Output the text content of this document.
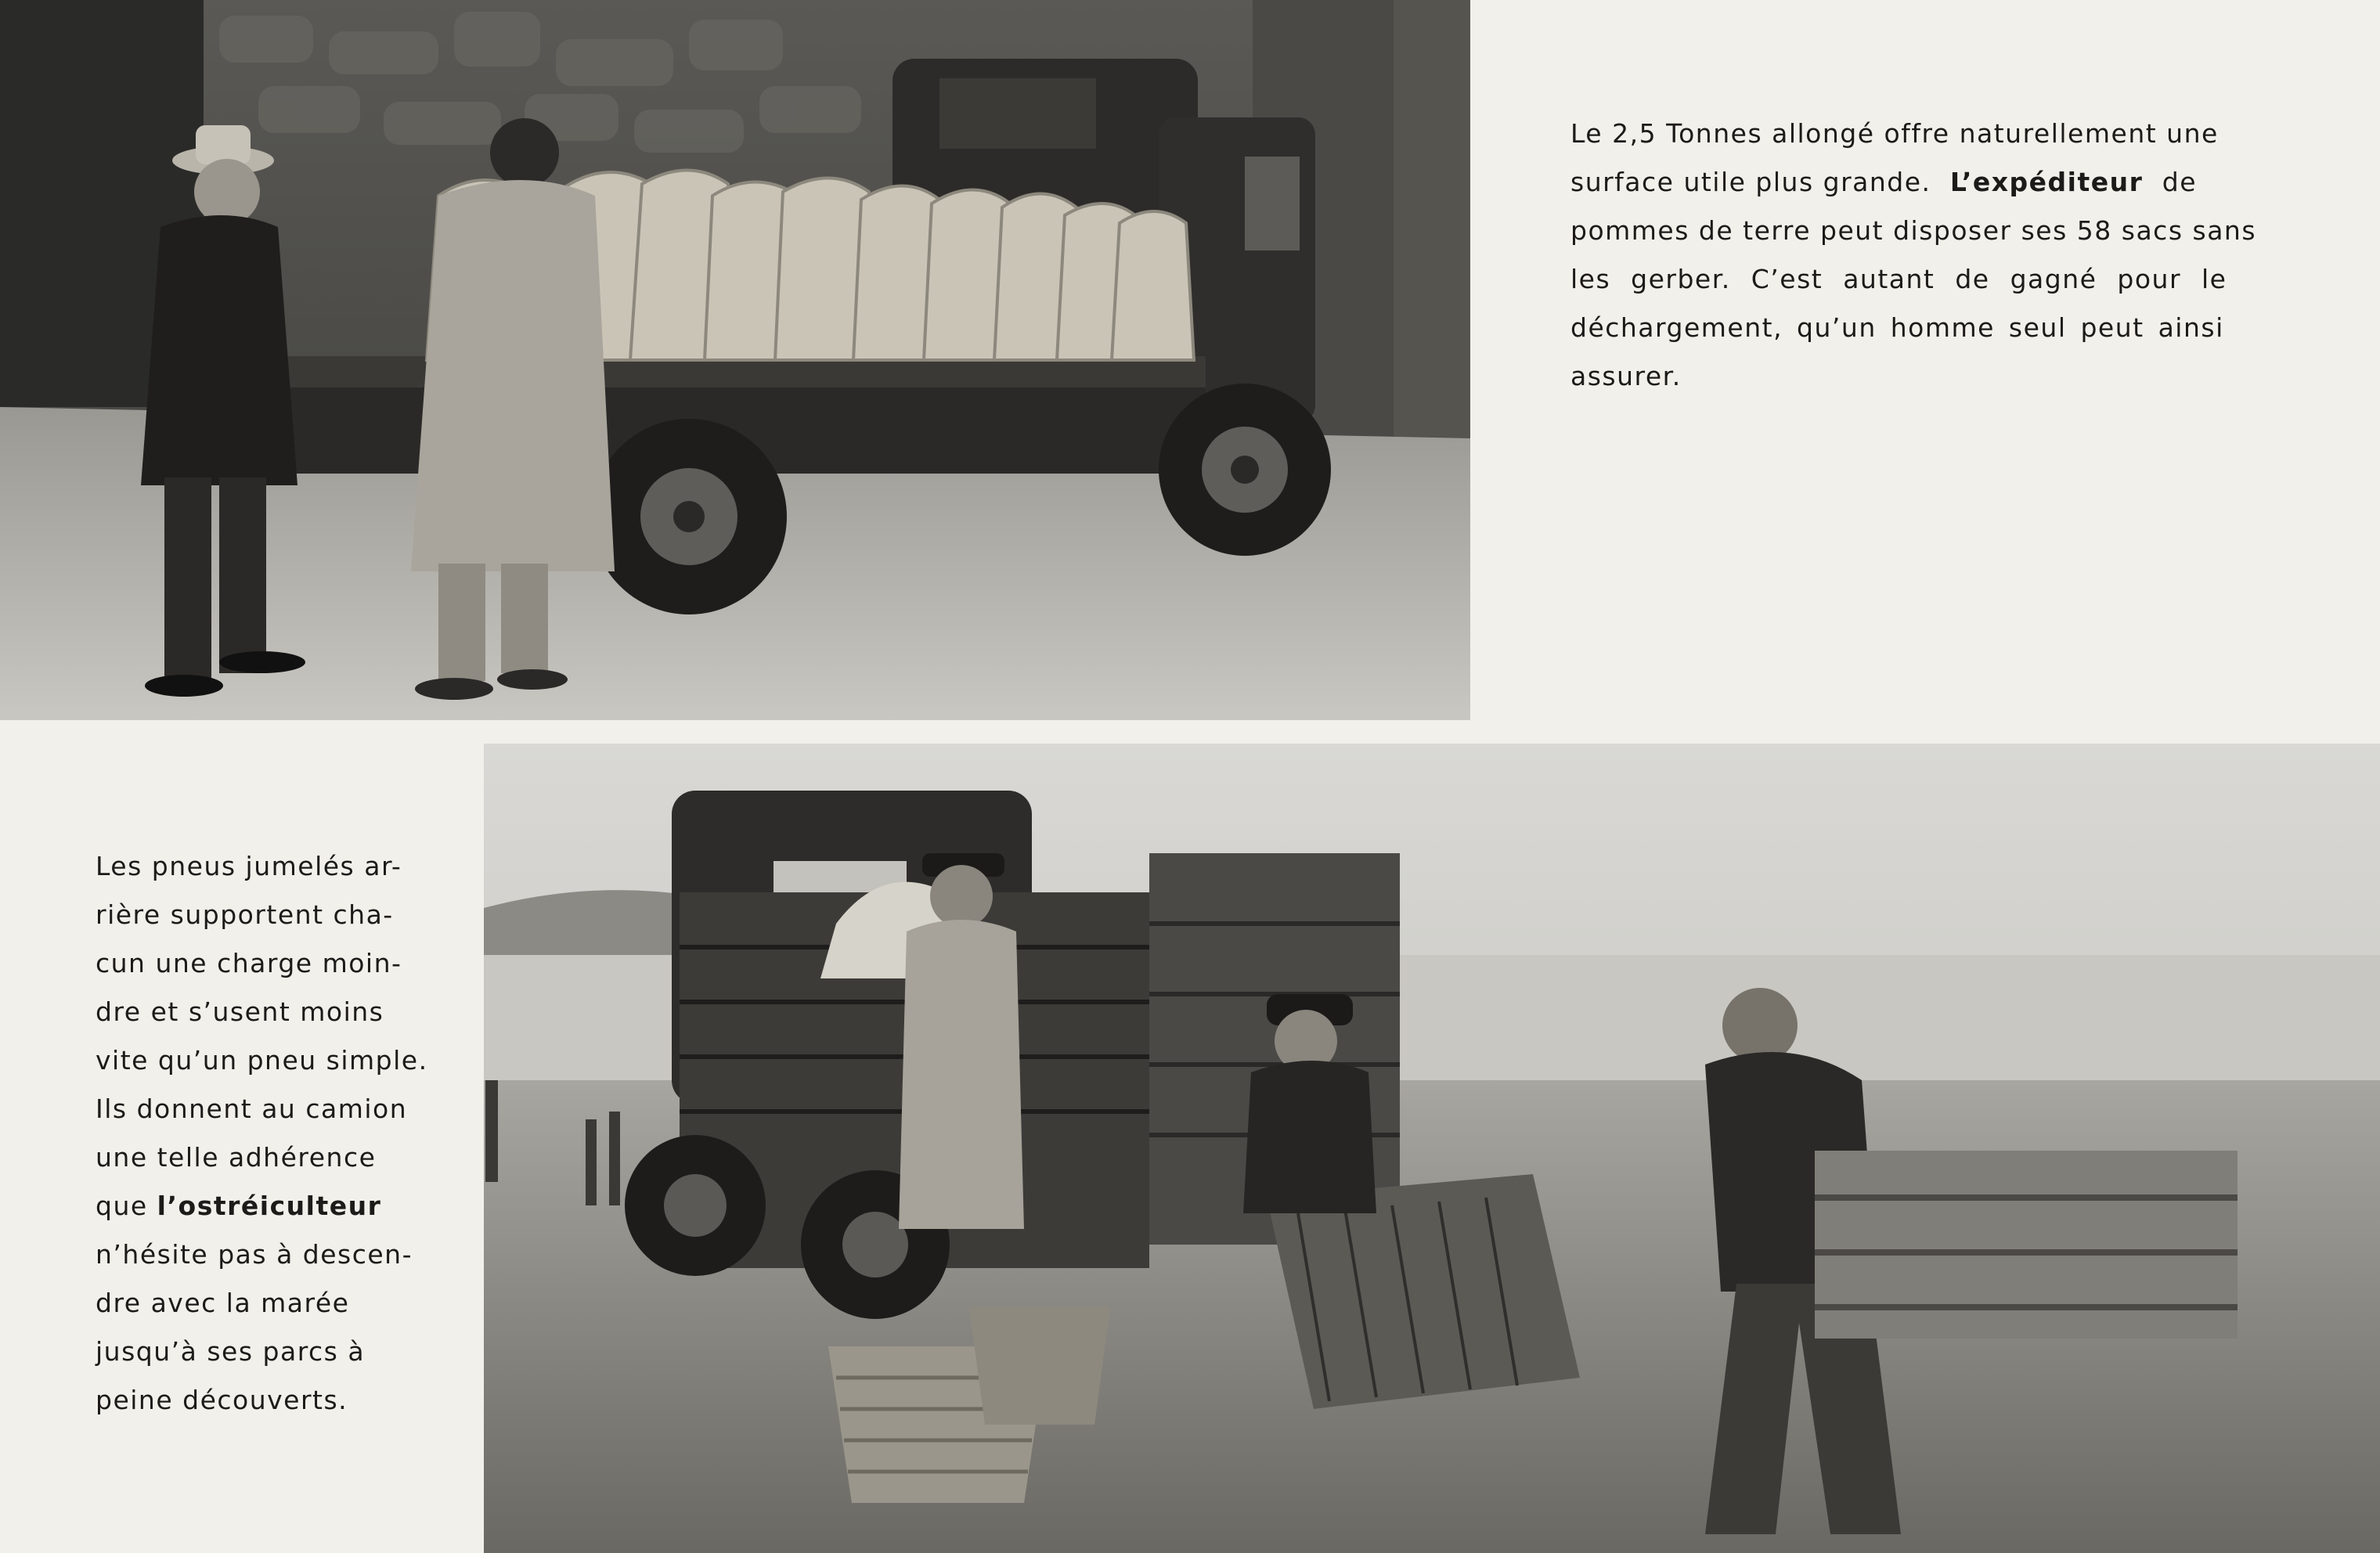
Le 2,5 Tonnes allongé offre naturellement une
surface utile plus grande. L’expéditeur de
pommes de terre peut disposer ses 58 sacs sans
les gerber. C’est autant de gagné pour le
déchargement, qu’un homme seul peut ainsi
assurer.
Les pneus jumelés ar-
rière supportent cha-
cun une charge moin-
dre et s’usent moins
vite qu’un pneu simple.
Ils donnent au camion
une telle adhérence
que l’ostréiculteur
n’hésite pas à descen-
dre avec la marée
jusqu’à ses parcs à
peine découverts.
